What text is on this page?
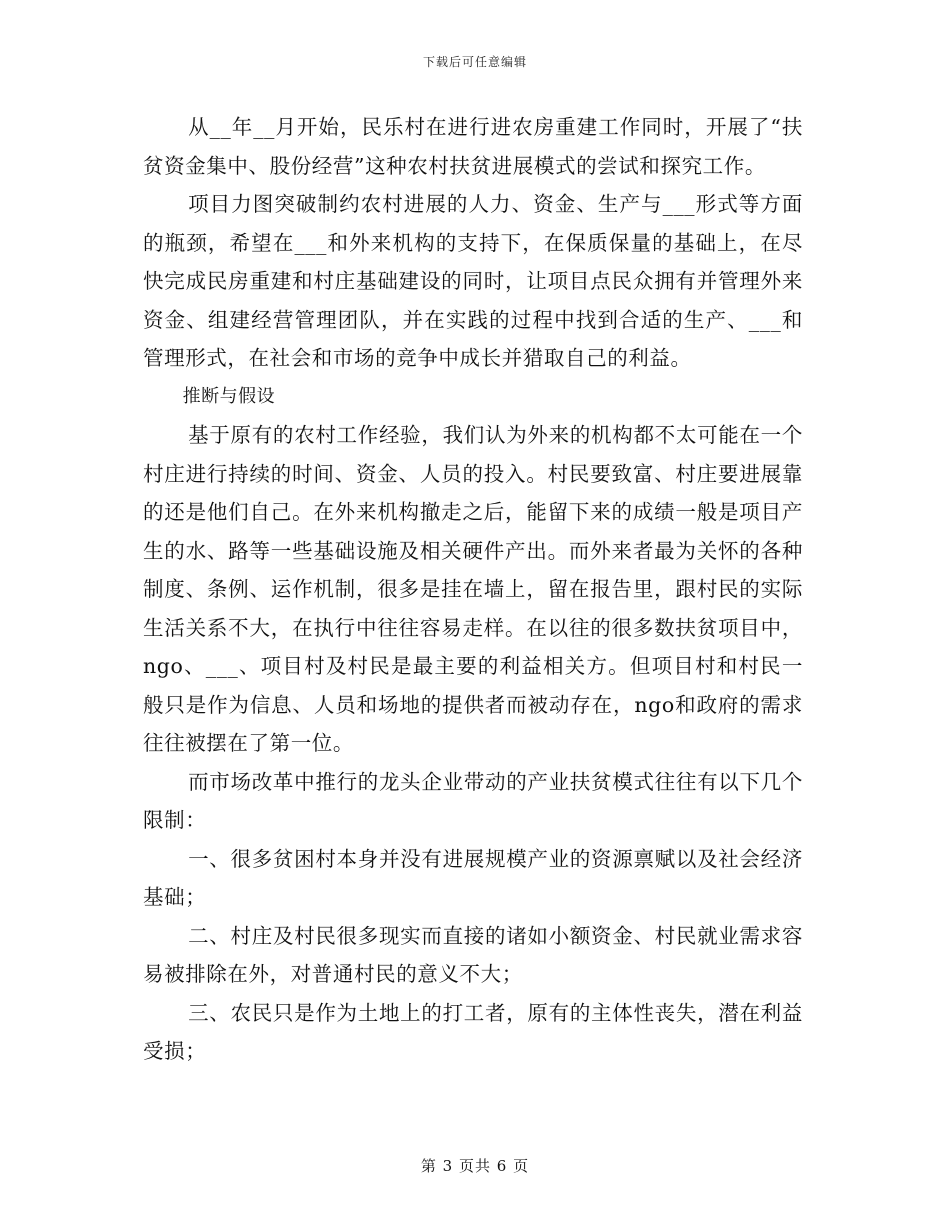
下载后可任意编辑

从__年__月开始，民乐村在进行进农房重建工作同时，开展了“扶贫资金集中、股份经营”这种农村扶贫进展模式的尝试和探究工作。

项目力图突破制约农村进展的人力、资金、生产与___形式等方面的瓶颈，希望在___和外来机构的支持下，在保质保量的基础上，在尽快完成民房重建和村庄基础建设的同时，让项目点民众拥有并管理外来资金、组建经营管理团队，并在实践的过程中找到合适的生产、___和管理形式，在社会和市场的竞争中成长并猎取自己的利益。

推断与假设

基于原有的农村工作经验，我们认为外来的机构都不太可能在一个村庄进行持续的时间、资金、人员的投入。村民要致富、村庄要进展靠的还是他们自己。在外来机构撤走之后，能留下来的成绩一般是项目产生的水、路等一些基础设施及相关硬件产出。而外来者最为关怀的各种制度、条例、运作机制，很多是挂在墙上，留在报告里，跟村民的实际生活关系不大，在执行中往往容易走样。在以往的很多数扶贫项目中，ngo、___、项目村及村民是最主要的利益相关方。但项目村和村民一般只是作为信息、人员和场地的提供者而被动存在，ngo和政府的需求往往被摆在了第一位。

而市场改革中推行的龙头企业带动的产业扶贫模式往往有以下几个限制：

一、很多贫困村本身并没有进展规模产业的资源禀赋以及社会经济基础；

二、村庄及村民很多现实而直接的诸如小额资金、村民就业需求容易被排除在外，对普通村民的意义不大；

三、农民只是作为土地上的打工者，原有的主体性丧失，潜在利益受损；

第 3 页共 6 页
